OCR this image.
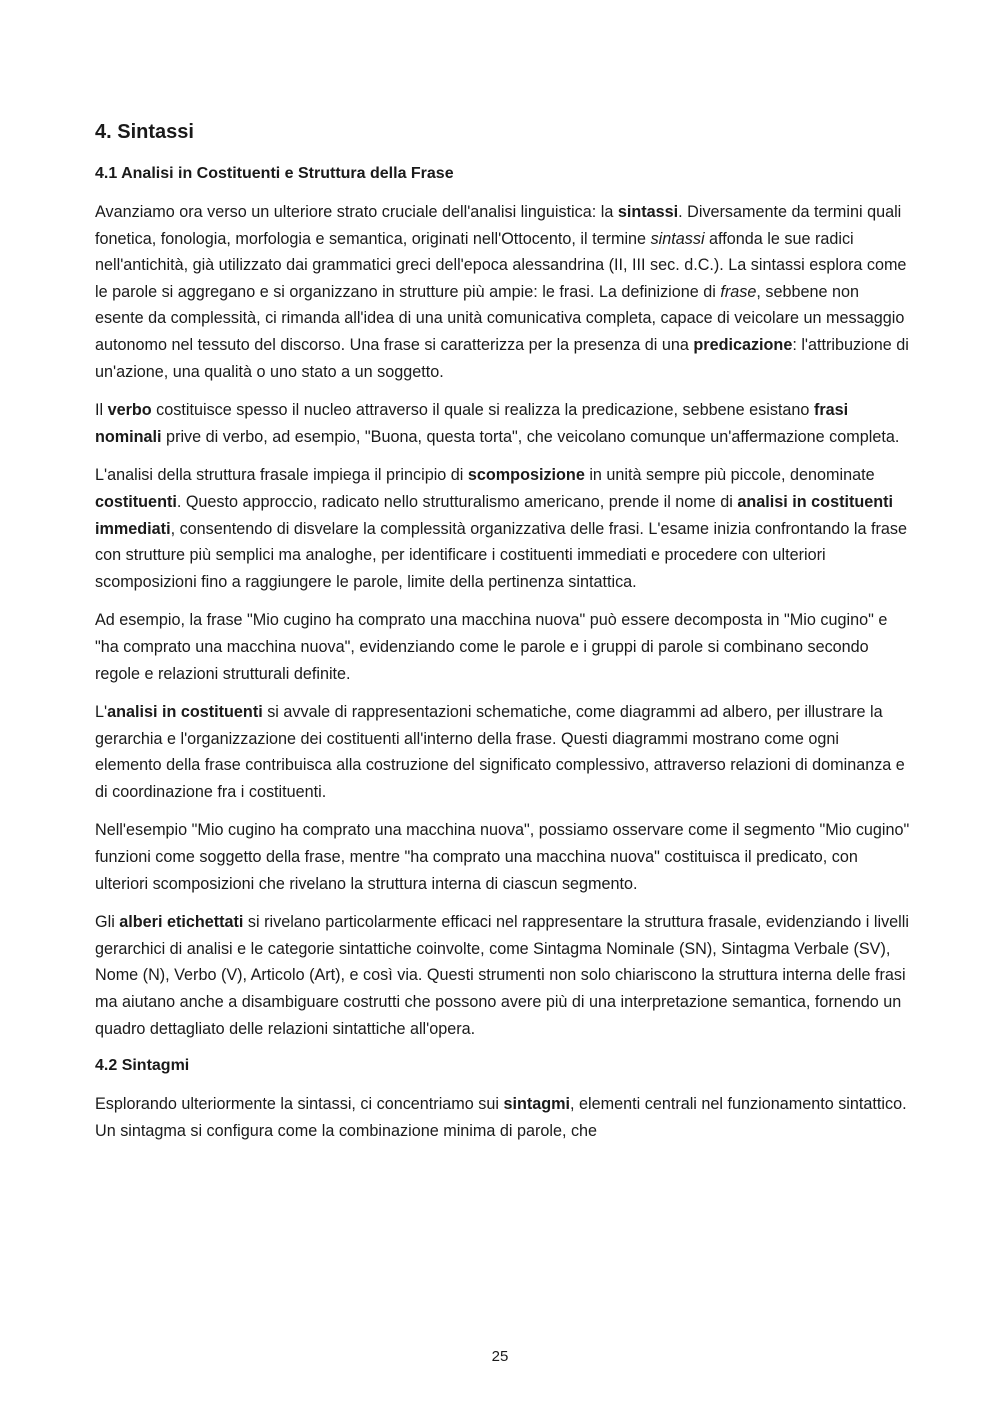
4. Sintassi
4.1 Analisi in Costituenti e Struttura della Frase

Avanziamo ora verso un ulteriore strato cruciale dell'analisi linguistica: la sintassi. Diversamente da termini quali fonetica, fonologia, morfologia e semantica, originati nell'Ottocento, il termine sintassi affonda le sue radici nell'antichità, già utilizzato dai grammatici greci dell'epoca alessandrina (II, III sec. d.C.). La sintassi esplora come le parole si aggregano e si organizzano in strutture più ampie: le frasi. La definizione di frase, sebbene non esente da complessità, ci rimanda all'idea di una unità comunicativa completa, capace di veicolare un messaggio autonomo nel tessuto del discorso. Una frase si caratterizza per la presenza di una predicazione: l'attribuzione di un'azione, una qualità o uno stato a un soggetto.

Il verbo costituisce spesso il nucleo attraverso il quale si realizza la predicazione, sebbene esistano frasi nominali prive di verbo, ad esempio, "Buona, questa torta", che veicolano comunque un'affermazione completa.

L'analisi della struttura frasale impiega il principio di scomposizione in unità sempre più piccole, denominate costituenti. Questo approccio, radicato nello strutturalismo americano, prende il nome di analisi in costituenti immediati, consentendo di disvelare la complessità organizzativa delle frasi. L'esame inizia confrontando la frase con strutture più semplici ma analoghe, per identificare i costituenti immediati e procedere con ulteriori scomposizioni fino a raggiungere le parole, limite della pertinenza sintattica.

Ad esempio, la frase "Mio cugino ha comprato una macchina nuova" può essere decomposta in "Mio cugino" e "ha comprato una macchina nuova", evidenziando come le parole e i gruppi di parole si combinano secondo regole e relazioni strutturali definite.

L'analisi in costituenti si avvale di rappresentazioni schematiche, come diagrammi ad albero, per illustrare la gerarchia e l'organizzazione dei costituenti all'interno della frase. Questi diagrammi mostrano come ogni elemento della frase contribuisca alla costruzione del significato complessivo, attraverso relazioni di dominanza e di coordinazione fra i costituenti.

Nell'esempio "Mio cugino ha comprato una macchina nuova", possiamo osservare come il segmento "Mio cugino" funzioni come soggetto della frase, mentre "ha comprato una macchina nuova" costituisca il predicato, con ulteriori scomposizioni che rivelano la struttura interna di ciascun segmento.

Gli alberi etichettati si rivelano particolarmente efficaci nel rappresentare la struttura frasale, evidenziando i livelli gerarchici di analisi e le categorie sintattiche coinvolte, come Sintagma Nominale (SN), Sintagma Verbale (SV), Nome (N), Verbo (V), Articolo (Art), e così via. Questi strumenti non solo chiariscono la struttura interna delle frasi ma aiutano anche a disambiguare costrutti che possono avere più di una interpretazione semantica, fornendo un quadro dettagliato delle relazioni sintattiche all'opera.

4.2 Sintagmi

Esplorando ulteriormente la sintassi, ci concentriamo sui sintagmi, elementi centrali nel funzionamento sintattico. Un sintagma si configura come la combinazione minima di parole, che

25
